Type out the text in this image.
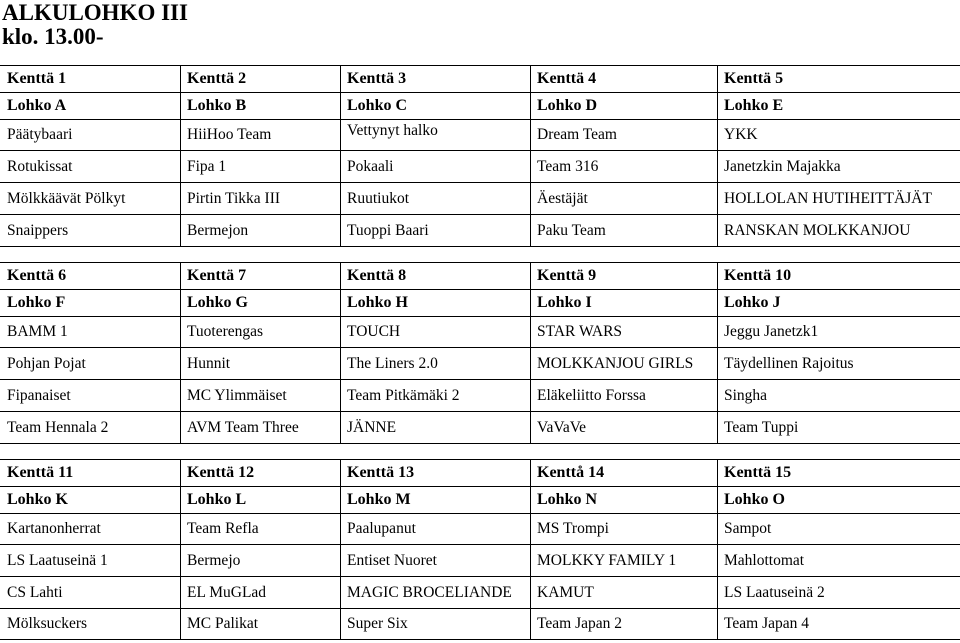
ALKULOHKO III
klo. 13.00-
Kenttä 1	Kenttä 2	Kenttä 3	Kenttä 4	Kenttä 5
Lohko A	Lohko B	Lohko C	Lohko D	Lohko E
Päätybaari	HiiHoo Team	Vettynyt halko	Dream Team	YKK
Rotukissat	Fipa 1	Pokaali	Team 316	Janetzkin Majakka
Mölkkäävät Pölkyt	Pirtin Tikka III	Ruutiukot	Äestäjät	HOLLOLAN HUTIHEITTÄJÄT
Snaippers	Bermejon	Tuoppi Baari	Paku Team	RANSKAN MOLKKANJOU
Kenttä 6	Kenttä 7	Kenttä 8	Kenttä 9	Kenttä 10
Lohko F	Lohko G	Lohko H	Lohko I	Lohko J
BAMM 1	Tuoterengas	TOUCH	STAR WARS	Jeggu Janetzk1
Pohjan Pojat	Hunnit	The Liners 2.0	MOLKKANJOU GIRLS	Täydellinen Rajoitus
Fipanaiset	MC Ylimmäiset	Team Pitkämäki 2	Eläkeliitto Forssa	Singha
Team Hennala 2	AVM Team Three	JÄNNE	VaVaVe	Team Tuppi
Kenttä 11	Kenttä 12	Kenttä 13	Kenttå 14	Kenttä 15
Lohko K	Lohko L	Lohko M	Lohko N	Lohko O
Kartanonherrat	Team Refla	Paalupanut	MS Trompi	Sampot
LS Laatuseinä 1	Bermejo	Entiset Nuoret	MOLKKY FAMILY 1	Mahlottomat
CS Lahti	EL MuGLad	MAGIC BROCELIANDE	KAMUT	LS Laatuseinä 2
Mölksuckers	MC Palikat	Super Six	Team Japan 2	Team Japan 4
